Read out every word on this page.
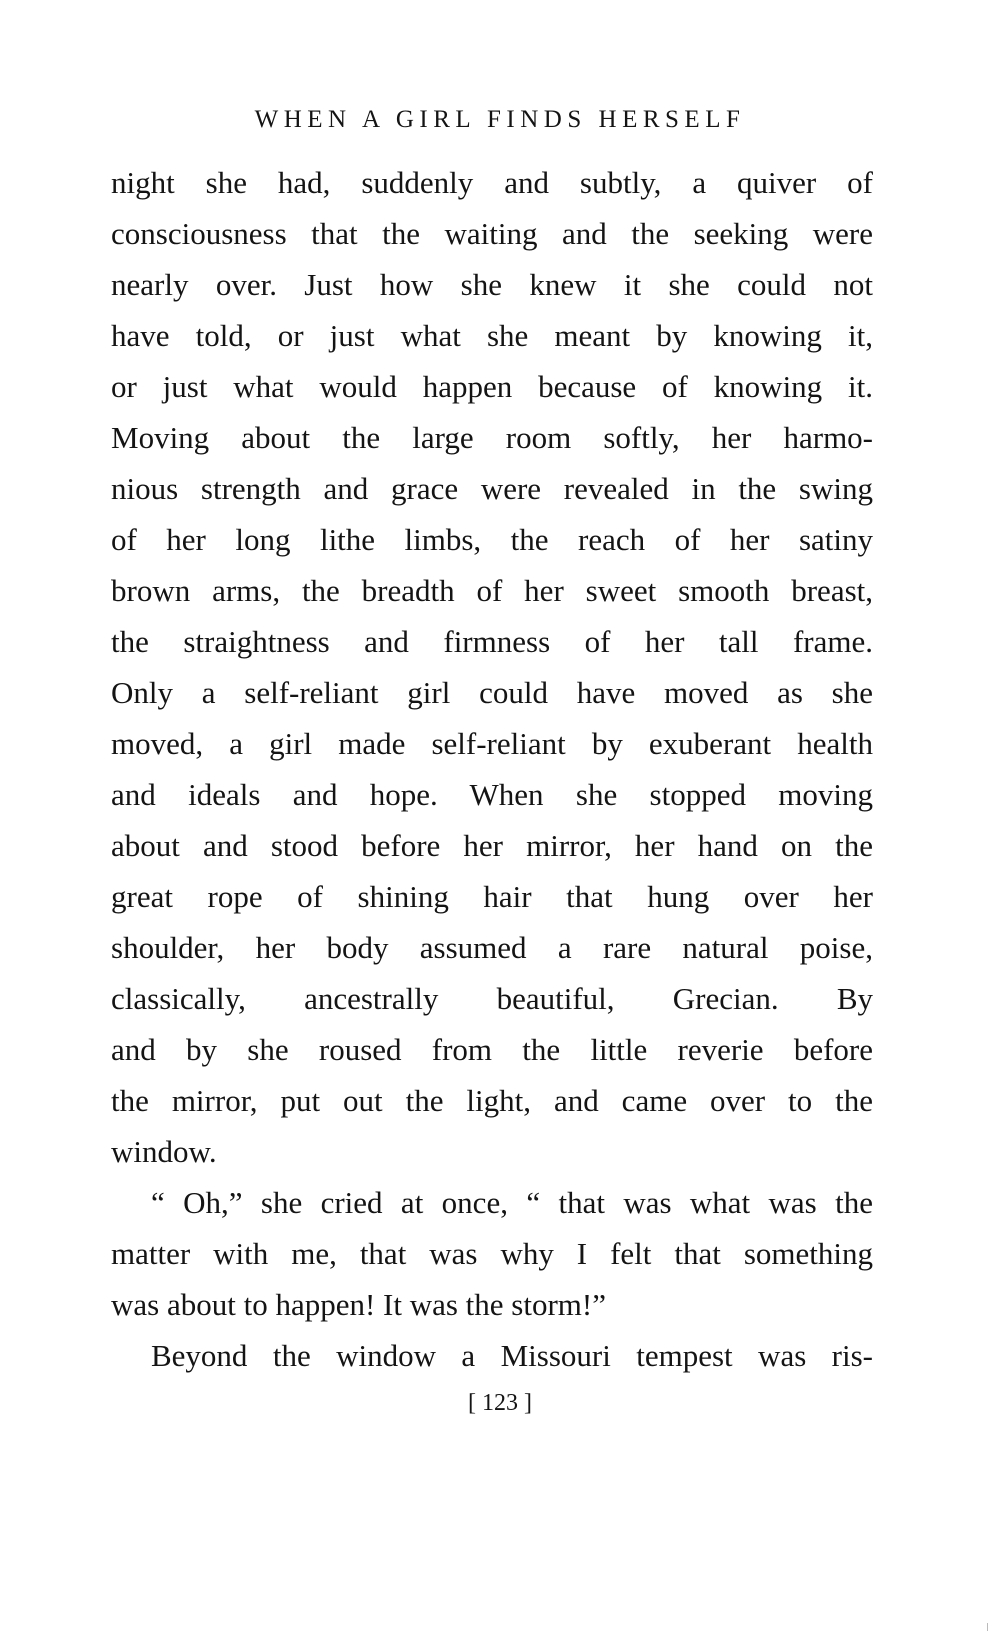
WHEN A GIRL FINDS HERSELF
night she had, suddenly and subtly, a quiver of
consciousness that the waiting and the seeking were
nearly over. Just how she knew it she could not
have told, or just what she meant by knowing it,
or just what would happen because of knowing it.
Moving about the large room softly, her harmo-
nious strength and grace were revealed in the swing
of her long lithe limbs, the reach of her satiny
brown arms, the breadth of her sweet smooth breast,
the straightness and firmness of her tall frame.
Only a self-reliant girl could have moved as she
moved, a girl made self-reliant by exuberant health
and ideals and hope. When she stopped moving
about and stood before her mirror, her hand on the
great rope of shining hair that hung over her
shoulder, her body assumed a rare natural poise,
classically, ancestrally beautiful, Grecian. By
and by she roused from the little reverie before
the mirror, put out the light, and came over to the
window.
“ Oh,” she cried at once, “ that was what was the
matter with me, that was why I felt that something
was about to happen! It was the storm!”
Beyond the window a Missouri tempest was ris-
[ 123 ]
